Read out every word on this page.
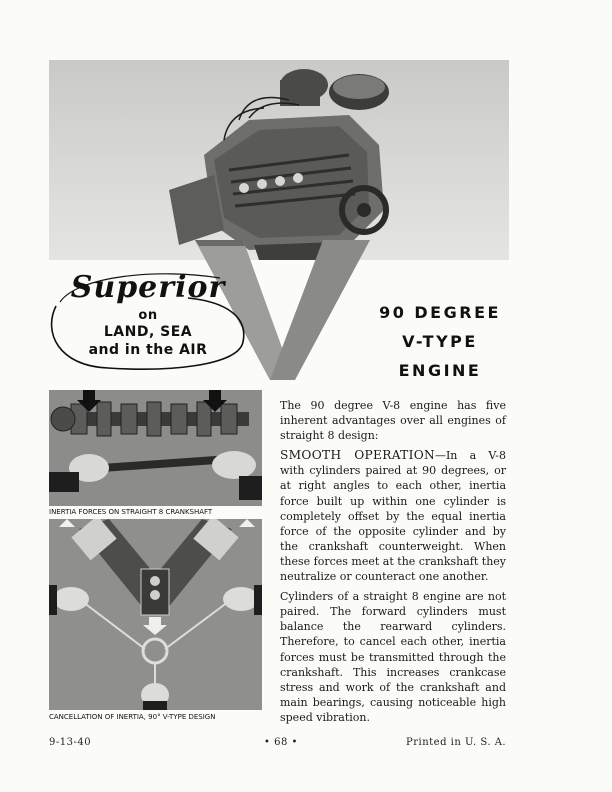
Superior
on
LAND, SEA
and in the AIR
90 DEGREE
V-TYPE
ENGINE
INERTIA FORCES ON STRAIGHT 8 CRANKSHAFT
CANCELLATION OF INERTIA, 90° V-TYPE DESIGN

The 90 degree V-8 engine has five inherent advantages over all engines of straight 8 design:

SMOOTH OPERATION—In a V-8 with cylinders paired at 90 degrees, or at right angles to each other, inertia force built up within one cylinder is completely offset by the equal inertia force of the opposite cylinder and by the crankshaft counterweight. When these forces meet at the crankshaft they neutralize or counteract one another.

Cylinders of a straight 8 engine are not paired. The forward cylinders must balance the rearward cylinders. Therefore, to cancel each other, inertia forces must be transmitted through the crankshaft. This increases crankcase stress and work of the crankshaft and main bearings, causing noticeable high speed vibration.

9-13-40	• 68 •	Printed in U. S. A.
